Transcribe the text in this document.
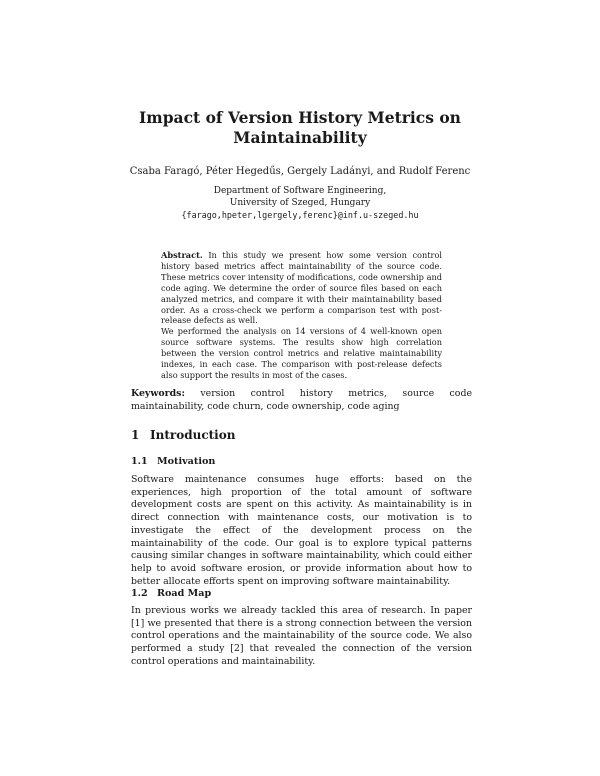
Impact of Version History Metrics on Maintainability
Csaba Faragó, Péter Hegedűs, Gergely Ladányi, and Rudolf Ferenc
Department of Software Engineering,
University of Szeged, Hungary
{farago,hpeter,lgergely,ferenc}@inf.u-szeged.hu

Abstract. In this study we present how some version control history based metrics affect maintainability of the source code. These metrics cover intensity of modifications, code ownership and code aging. We determine the order of source files based on each analyzed metrics, and compare it with their maintainability based order. As a cross-check we perform a comparison test with post-release defects as well.

We performed the analysis on 14 versions of 4 well-known open source software systems. The results show high correlation between the version control metrics and relative maintainability indexes, in each case. The comparison with post-release defects also support the results in most of the cases.

Keywords: version control history metrics, source code maintainability, code churn, code ownership, code aging
1 Introduction
1.1 Motivation

Software maintenance consumes huge efforts: based on the experiences, high proportion of the total amount of software development costs are spent on this activity. As maintainability is in direct connection with maintenance costs, our motivation is to investigate the effect of the development process on the maintainability of the code. Our goal is to explore typical patterns causing similar changes in software maintainability, which could either help to avoid software erosion, or provide information about how to better allocate efforts spent on improving software maintainability.

1.2 Road Map

In previous works we already tackled this area of research. In paper [1] we presented that there is a strong connection between the version control operations and the maintainability of the source code. We also performed a study [2] that revealed the connection of the version control operations and maintainability.
